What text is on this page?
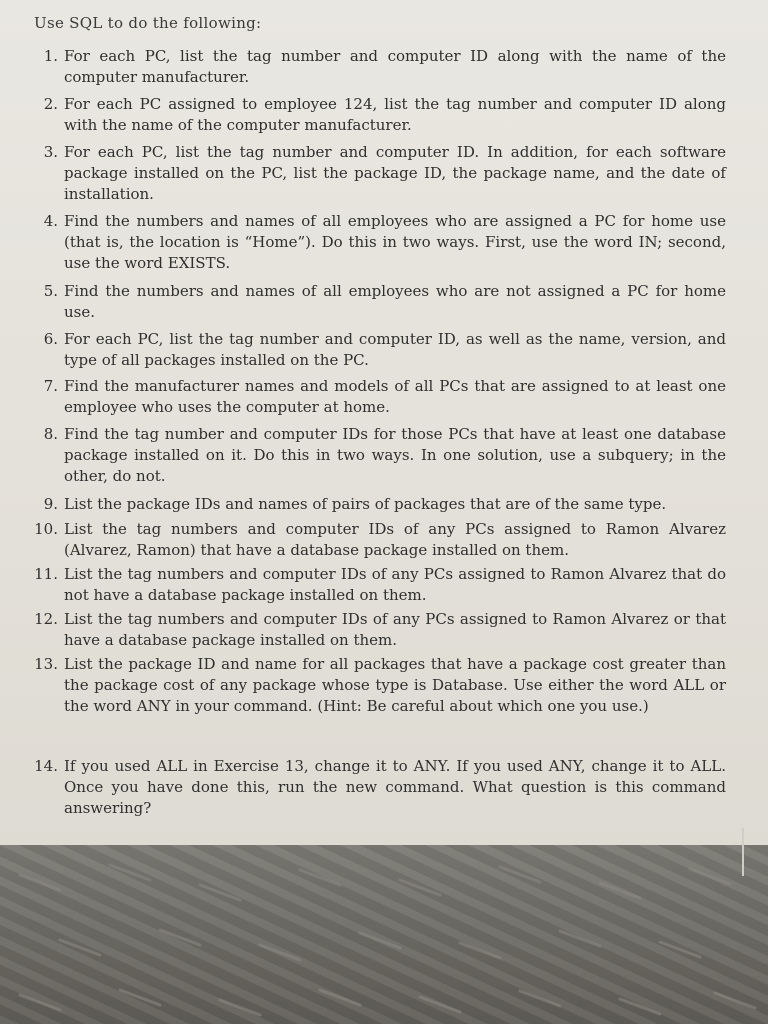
Use SQL to do the following:
1. For each PC, list the tag number and computer ID along with the name of the computer manufacturer.
2. For each PC assigned to employee 124, list the tag number and computer ID along with the name of the computer manufacturer.
3. For each PC, list the tag number and computer ID. In addition, for each software package installed on the PC, list the package ID, the package name, and the date of installation.
4. Find the numbers and names of all employees who are assigned a PC for home use (that is, the location is “Home”). Do this in two ways. First, use the word IN; second, use the word EXISTS.
5. Find the numbers and names of all employees who are not assigned a PC for home use.
6. For each PC, list the tag number and computer ID, as well as the name, version, and type of all packages installed on the PC.
7. Find the manufacturer names and models of all PCs that are assigned to at least one employee who uses the computer at home.
8. Find the tag number and computer IDs for those PCs that have at least one database package installed on it. Do this in two ways. In one solution, use a subquery; in the other, do not.
9. List the package IDs and names of pairs of packages that are of the same type.
10. List the tag numbers and computer IDs of any PCs assigned to Ramon Alvarez (Alvarez, Ramon) that have a database package installed on them.
11. List the tag numbers and computer IDs of any PCs assigned to Ramon Alvarez that do not have a database package installed on them.
12. List the tag numbers and computer IDs of any PCs assigned to Ramon Alvarez or that have a database package installed on them.
13. List the package ID and name for all packages that have a package cost greater than the package cost of any package whose type is Database. Use either the word ALL or the word ANY in your command. (Hint: Be careful about which one you use.)
14. If you used ALL in Exercise 13, change it to ANY. If you used ANY, change it to ALL. Once you have done this, run the new command. What question is this command answering?
